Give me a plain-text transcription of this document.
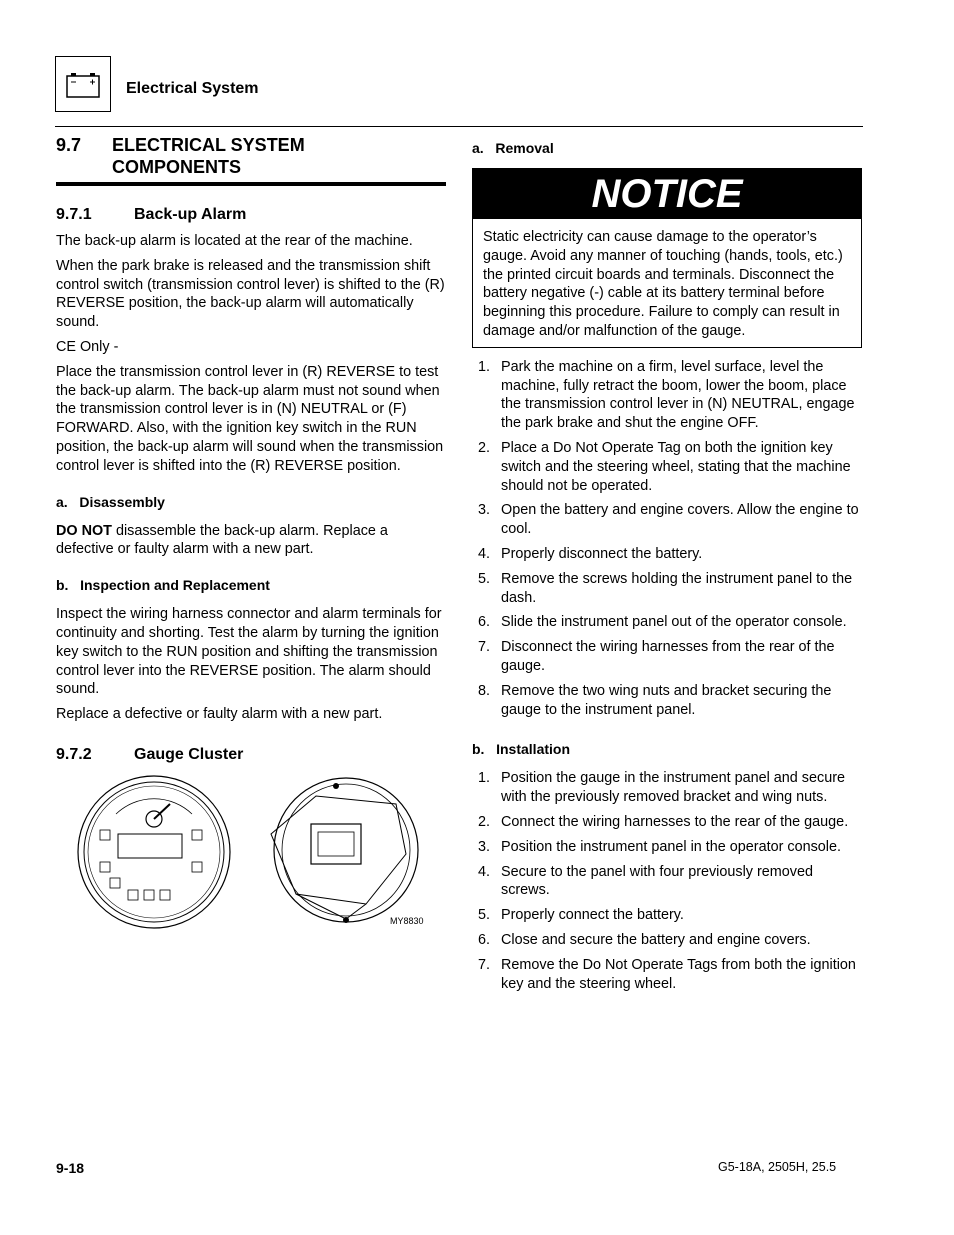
Electrical System
9.7	ELECTRICAL SYSTEM
COMPONENTS
9.7.1	Back-up Alarm

The back-up alarm is located at the rear of the machine.

When the park brake is released and the transmission shift control switch (transmission control lever) is shifted to the (R) REVERSE position, the back-up alarm will automatically sound.

CE Only -

Place the transmission control lever in (R) REVERSE to test the back-up alarm. The back-up alarm must not sound when the transmission control lever is in (N) NEUTRAL or (F) FORWARD. Also, with the ignition key switch in the RUN position, the back-up alarm will sound when the transmission control lever is shifted into the (R) REVERSE position.

a.   Disassembly

DO NOT disassemble the back-up alarm. Replace a defective or faulty alarm with a new part.

b.   Inspection and Replacement

Inspect the wiring harness connector and alarm terminals for continuity and shorting. Test the alarm by turning the ignition key switch to the RUN position and shifting the transmission control lever into the REVERSE position. The alarm should sound.

Replace a defective or faulty alarm with a new part.

9.7.2	Gauge Cluster
MY8830
a.   Removal
NOTICE
Static electricity can cause damage to the operator’s gauge. Avoid any manner of touching (hands, tools, etc.) the printed circuit boards and terminals. Disconnect the battery negative (-) cable at its battery terminal before beginning this procedure. Failure to comply can result in damage and/or malfunction of the gauge.
1. Park the machine on a firm, level surface, level the machine, fully retract the boom, lower the boom, place the transmission control lever in (N) NEUTRAL, engage the park brake and shut the engine OFF.
2. Place a Do Not Operate Tag on both the ignition key switch and the steering wheel, stating that the machine should not be operated.
3. Open the battery and engine covers. Allow the engine to cool.
4. Properly disconnect the battery.
5. Remove the screws holding the instrument panel to the dash.
6. Slide the instrument panel out of the operator console.
7. Disconnect the wiring harnesses from the rear of the gauge.
8. Remove the two wing nuts and bracket securing the gauge to the instrument panel.
b.   Installation
1. Position the gauge in the instrument panel and secure with the previously removed bracket and wing nuts.
2. Connect the wiring harnesses to the rear of the gauge.
3. Position the instrument panel in the operator console.
4. Secure to the panel with four previously removed screws.
5. Properly connect the battery.
6. Close and secure the battery and engine covers.
7. Remove the Do Not Operate Tags from both the ignition key and the steering wheel.
9-18	G5-18A, 2505H, 25.5
